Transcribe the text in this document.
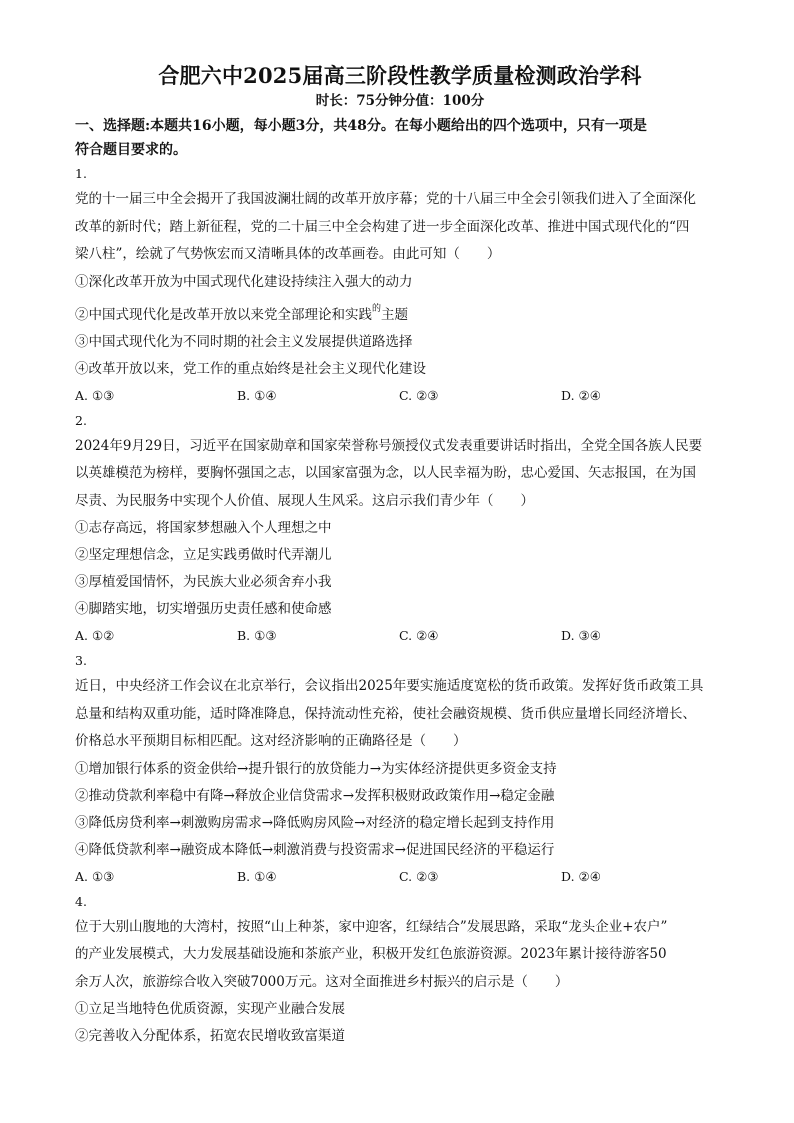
合肥六中2025届高三阶段性教学质量检测政治学科

时长：75分钟分值：100分

一、选择题:本题共16小题，每小题3分，共48分。在每小题给出的四个选项中，只有一项是

符合题目要求的。

1.

党的十一届三中全会揭开了我国波澜壮阔的改革开放序幕；党的十八届三中全会引领我们进入了全面深化

改革的新时代；踏上新征程，党的二十届三中全会构建了进一步全面深化改革、推进中国式现代化的“四

梁八柱”，绘就了气势恢宏而又清晰具体的改革画卷。由此可知（　　）

①深化改革开放为中国式现代化建设持续注入强大的动力

②中国式现代化是改革开放以来党全部理论和实践$^的$主题

③中国式现代化为不同时期的社会主义发展提供道路选择

④改革开放以来，党工作的重点始终是社会主义现代化建设

A. ①③	B. ①④	C. ②③	D. ②④

2.

2024年9月29日，习近平在国家勋章和国家荣誉称号颁授仪式发表重要讲话时指出，全党全国各族人民要

以英雄模范为榜样，要胸怀强国之志，以国家富强为念，以人民幸福为盼，忠心爱国、矢志报国，在为国

尽责、为民服务中实现个人价值、展现人生风采。这启示我们青少年（　　）

①志存高远，将国家梦想融入个人理想之中

②坚定理想信念，立足实践勇做时代弄潮儿

③厚植爱国情怀，为民族大业必须舍弃小我

④脚踏实地，切实增强历史责任感和使命感

A. ①②	B. ①③	C. ②④	D. ③④

3.

近日，中央经济工作会议在北京举行，会议指出2025年要实施适度宽松的货币政策。发挥好货币政策工具

总量和结构双重功能，适时降准降息，保持流动性充裕，使社会融资规模、货币供应量增长同经济增长、

价格总水平预期目标相匹配。这对经济影响的正确路径是（　　）

①增加银行体系的资金供给→提升银行的放贷能力→为实体经济提供更多资金支持

②推动贷款利率稳中有降→释放企业信贷需求→发挥积极财政政策作用→稳定金融

③降低房贷利率→刺激购房需求→降低购房风险→对经济的稳定增长起到支持作用

④降低贷款利率→融资成本降低→刺激消费与投资需求→促进国民经济的平稳运行

A. ①③	B. ①④	C. ②③	D. ②④

4.

位于大别山腹地的大湾村，按照“山上种茶，家中迎客，红绿结合”发展思路，采取“龙头企业+农户”

的产业发展模式，大力发展基础设施和茶旅产业，积极开发红色旅游资源。2023年累计接待游客50

余万人次，旅游综合收入突破7000万元。这对全面推进乡村振兴的启示是（　　）

①立足当地特色优质资源，实现产业融合发展

②完善收入分配体系，拓宽农民增收致富渠道
